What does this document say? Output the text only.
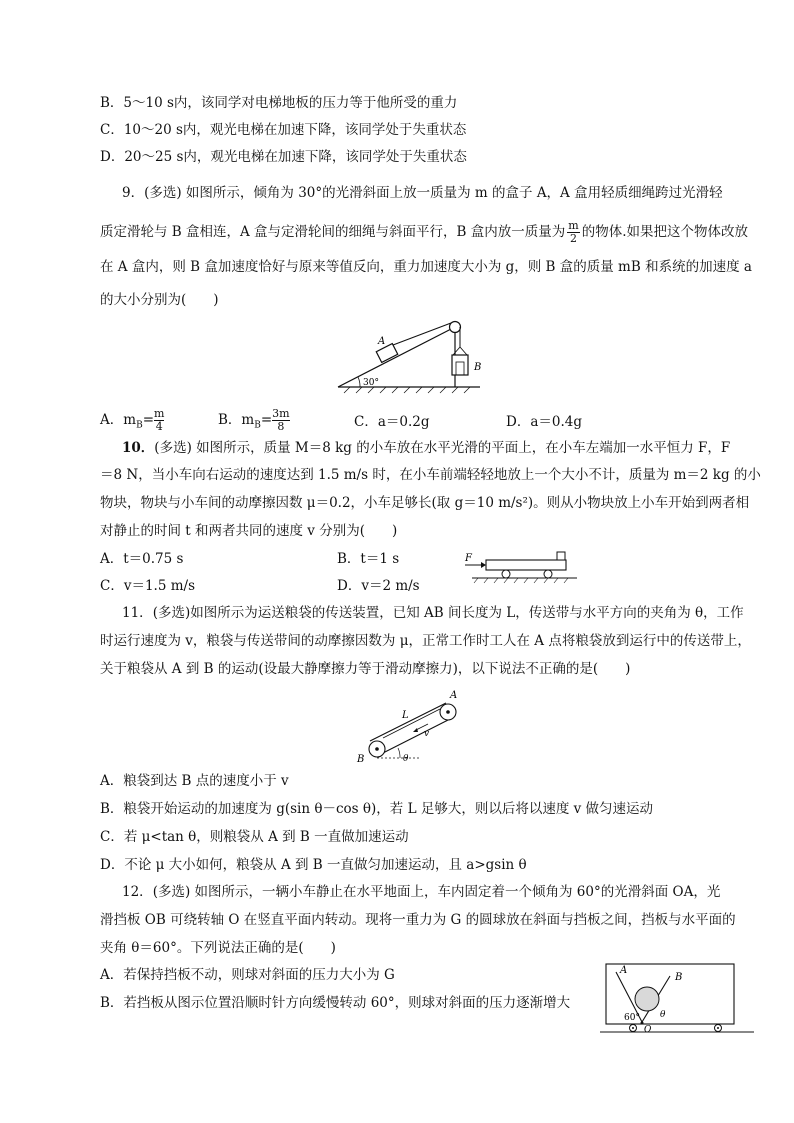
B．5～10 s内，该同学对电梯地板的压力等于他所受的重力
C．10～20 s内，观光电梯在加速下降，该同学处于失重状态
D．20～25 s内，观光电梯在加速下降，该同学处于失重状态
9．(多选) 如图所示，倾角为 30°的光滑斜面上放一质量为 m 的盒子 A，A 盒用轻质细绳跨过光滑轻
质定滑轮与 B 盒相连，A 盒与定滑轮间的细绳与斜面平行，B 盒内放一质量为 $\frac{m}{2}$ 的物体.如果把这个物体改放
在 A 盒内，则 B 盒加速度恰好与原来等值反向，重力加速度大小为 g，则 B 盒的质量 mB 和系统的加速度 a
的大小分别为(　　)
A
B
30°
A．$m_B= \frac{m}{4}$	B．$m_B= \frac{3m}{8}$	C．a＝0.2g	D．a＝0.4g
10．(多选) 如图所示，质量 M＝8 kg 的小车放在水平光滑的平面上，在小车左端加一水平恒力 F，F
＝8 N，当小车向右运动的速度达到 1.5 m/s 时，在小车前端轻轻地放上一个大小不计，质量为 m＝2 kg 的小
物块，物块与小车间的动摩擦因数 μ＝0.2，小车足够长(取 g＝10 m/s²)。则从小物块放上小车开始到两者相
对静止的时间 t 和两者共同的速度 v 分别为(　　)
A．t＝0.75 s	B．t＝1 s
C．v＝1.5 m/s	D．v＝2 m/s
F
11．(多选)如图所示为运送粮袋的传送装置，已知 AB 间长度为 L，传送带与水平方向的夹角为 θ，工作
时运行速度为 v，粮袋与传送带间的动摩擦因数为 μ，正常工作时工人在 A 点将粮袋放到运行中的传送带上，
关于粮袋从 A 到 B 的运动(设最大静摩擦力等于滑动摩擦力)，以下说法不正确的是(　　)
A
B
L
v
θ
A．粮袋到达 B 点的速度小于 v
B．粮袋开始运动的加速度为 g(sin θ－cos θ)，若 L 足够大，则以后将以速度 v 做匀速运动
C．若 μ<tan θ，则粮袋从 A 到 B 一直做加速运动
D．不论 μ 大小如何，粮袋从 A 到 B 一直做匀加速运动，且 a>gsin θ
12．(多选) 如图所示，一辆小车静止在水平地面上，车内固定着一个倾角为 60°的光滑斜面 OA，光
滑挡板 OB 可绕转轴 O 在竖直平面内转动。现将一重力为 G 的圆球放在斜面与挡板之间，挡板与水平面的
夹角 θ＝60°。下列说法正确的是(　　)
A．若保持挡板不动，则球对斜面的压力大小为 G
B．若挡板从图示位置沿顺时针方向缓慢转动 60°，则球对斜面的压力逐渐增大
A
B
60° θ
O
